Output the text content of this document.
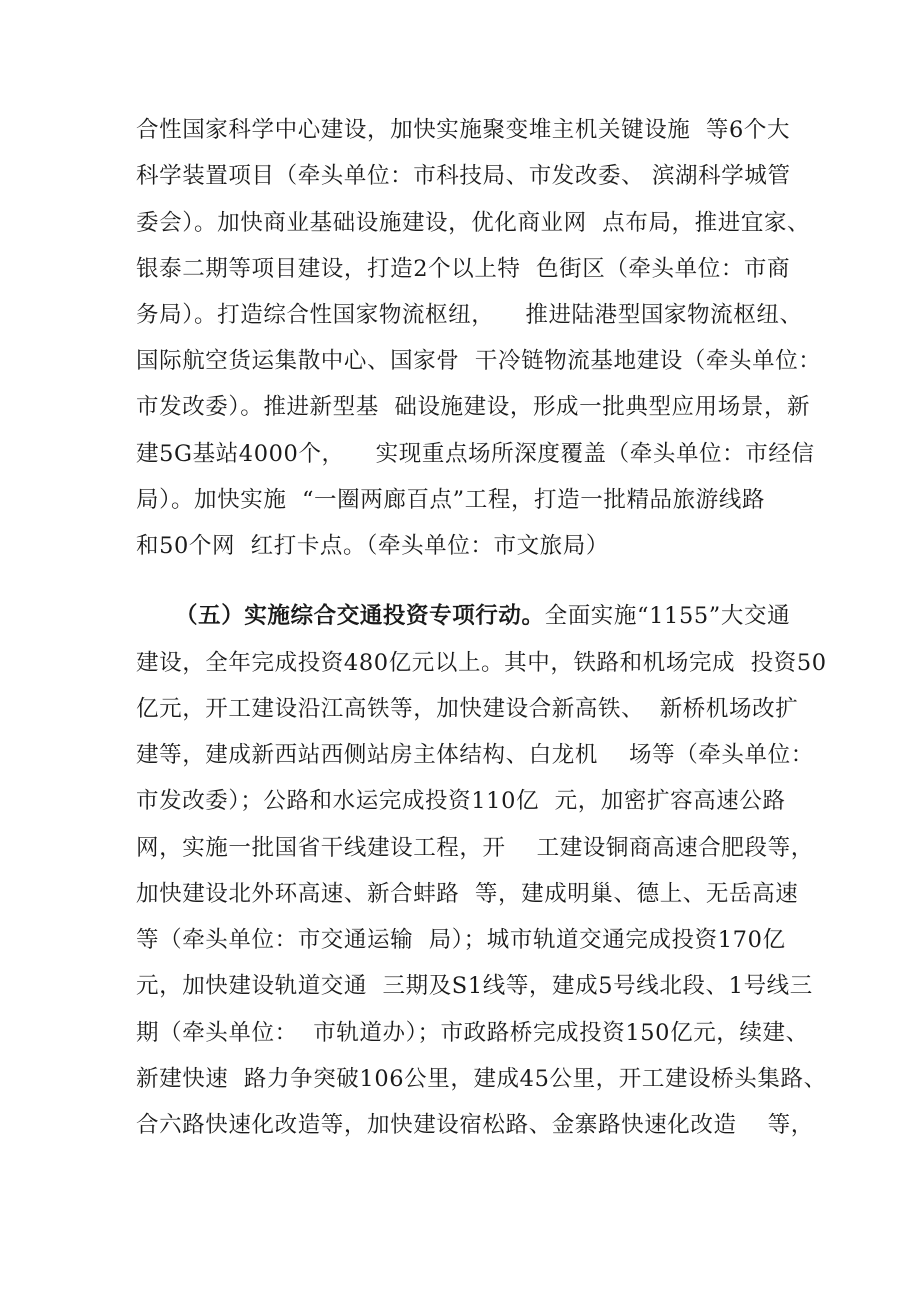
合性国家科学中心建设，加快实施聚变堆主机关键设施  等6个大
科学装置项目（牵头单位：市科技局、市发改委、 滨湖科学城管
委会）。加快商业基础设施建设，优化商业网  点布局，推进宜家、
银泰二期等项目建设，打造2个以上特  色街区（牵头单位：市商
务局）。打造综合性国家物流枢纽，    推进陆港型国家物流枢纽、
国际航空货运集散中心、国家骨  干冷链物流基地建设（牵头单位：
市发改委）。推进新型基  础设施建设，形成一批典型应用场景，新
建5G基站4000个，    实现重点场所深度覆盖（牵头单位：市经信
局）。加快实施  “一圈两廊百点”工程，打造一批精品旅游线路
和50个网  红打卡点。（牵头单位：市文旅局）
（五）实施综合交通投资专项行动。全面实施“1155”大交通
建设，全年完成投资480亿元以上。其中，铁路和机场完成  投资50
亿元，开工建设沿江高铁等，加快建设合新高铁、  新桥机场改扩
建等，建成新西站西侧站房主体结构、白龙机    场等（牵头单位：
市发改委）；公路和水运完成投资110亿  元，加密扩容高速公路
网，实施一批国省干线建设工程，开    工建设铜商高速合肥段等，
加快建设北外环高速、新合蚌路  等，建成明巢、德上、无岳高速
等（牵头单位：市交通运输  局）；城市轨道交通完成投资170亿
元，加快建设轨道交通  三期及S1线等，建成5号线北段、1号线三
期（牵头单位：  市轨道办）；市政路桥完成投资150亿元，续建、
新建快速  路力争突破106公里，建成45公里，开工建设桥头集路、
合六路快速化改造等，加快建设宿松路、金寨路快速化改造    等，
